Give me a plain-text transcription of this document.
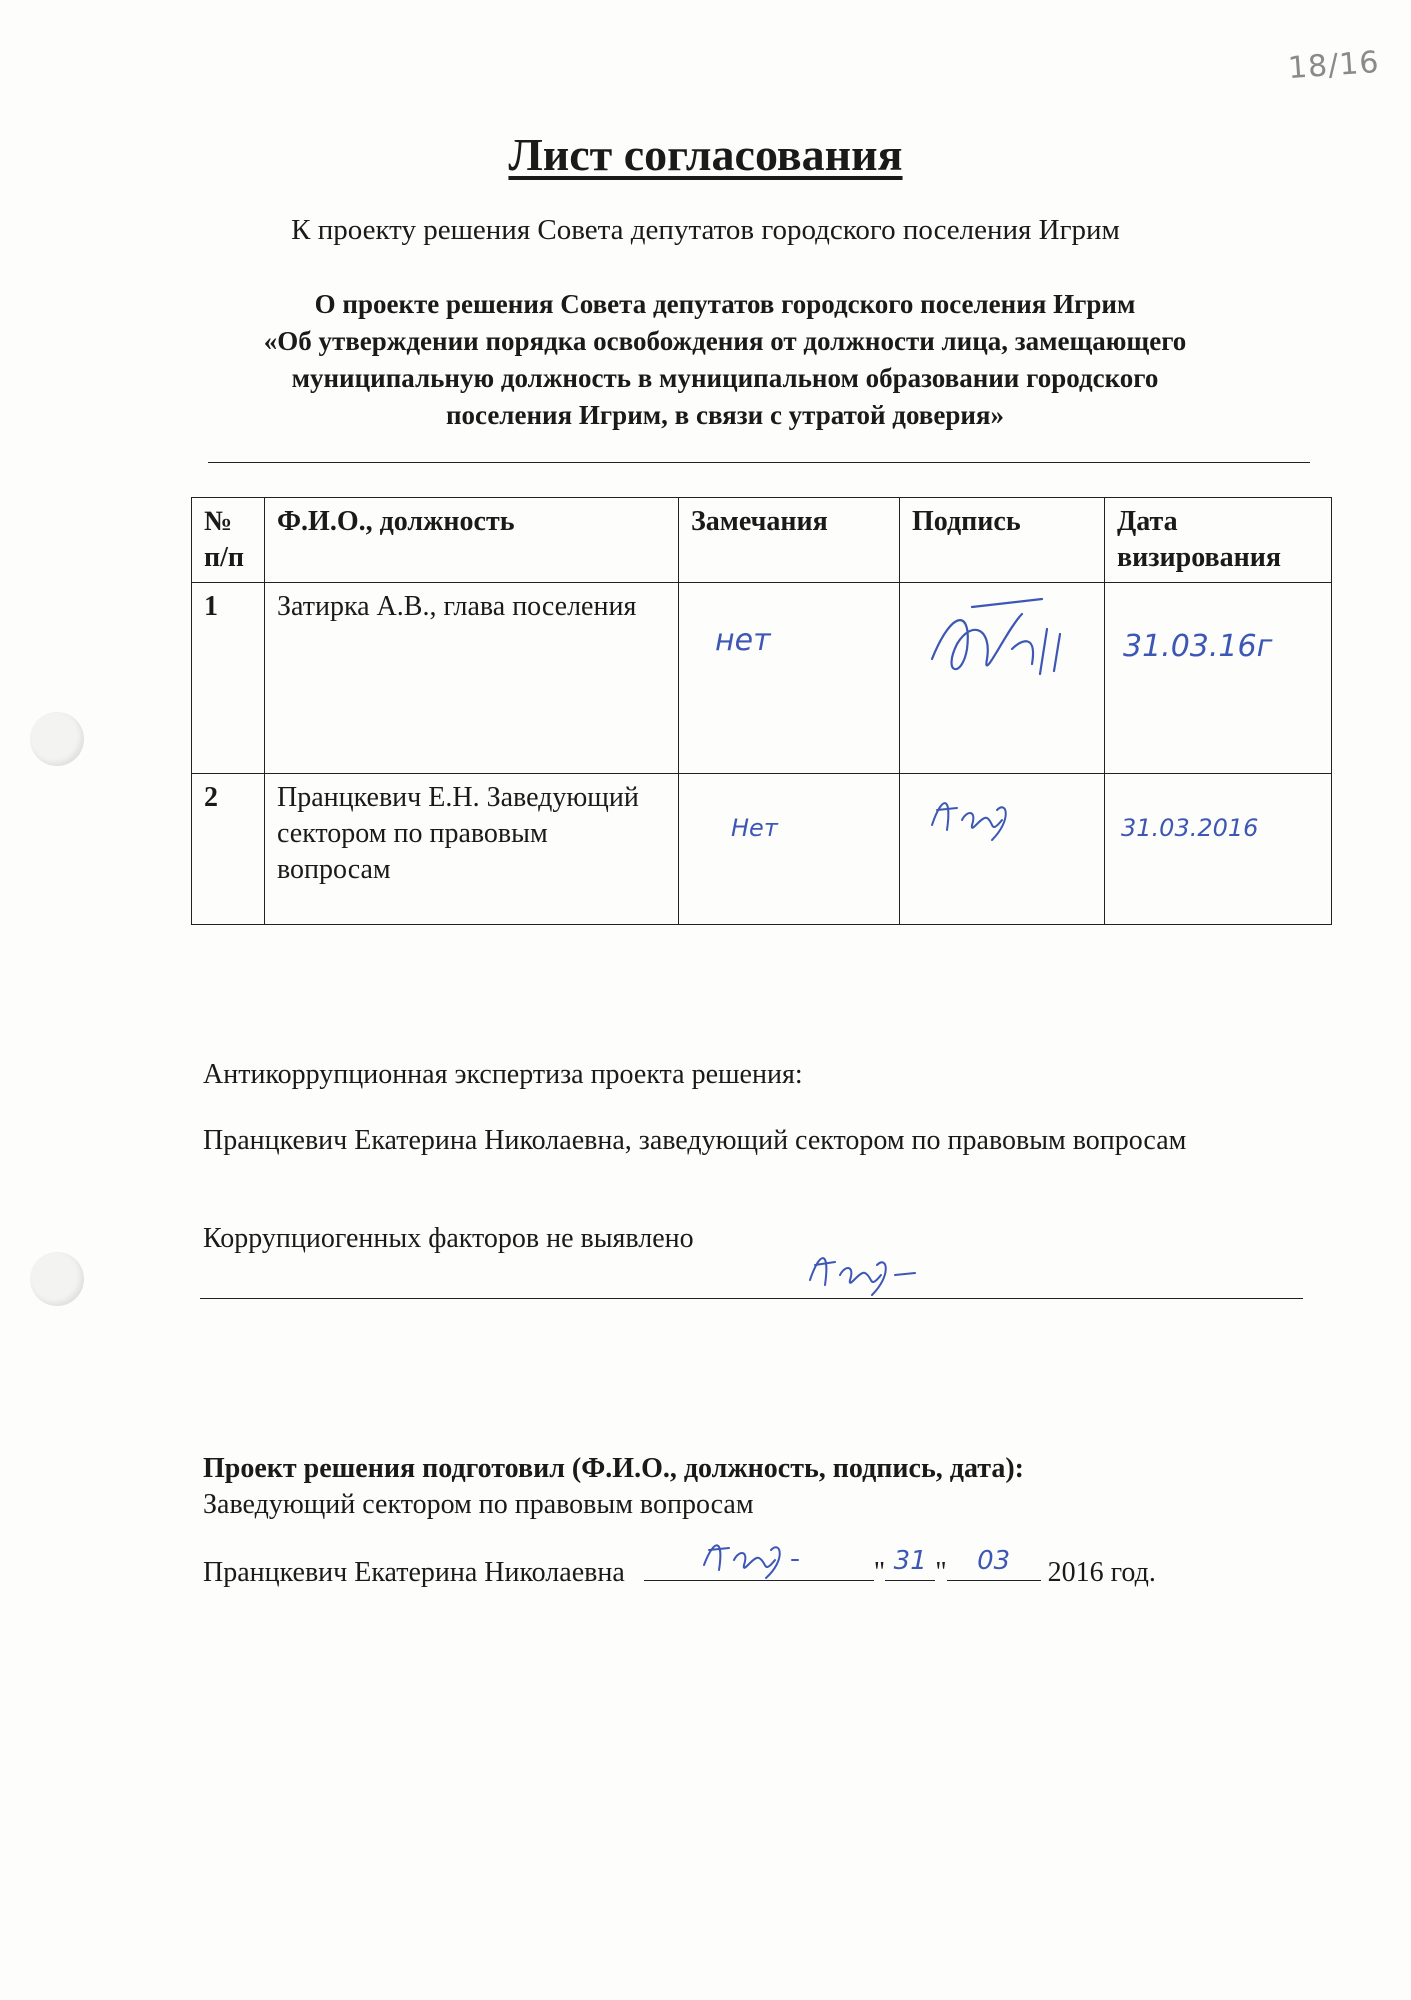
18/16
Лист согласования
К проекту решения Совета депутатов городского поселения Игрим
О проекте решения Совета депутатов городского поселения Игрим
«Об утверждении порядка освобождения от должности лица, замещающего
муниципальную должность в муниципальном образовании городского
поселения Игрим, в связи с утратой доверия»
№ п/п	Ф.И.О., должность	Замечания	Подпись	Дата визирования
1	Затирка А.В., глава поселения	нет		31.03.16г

2	Пранцкевич Е.Н. Заведующий сектором по правовым вопросам	Нет		31.03.2016
Антикоррупционная экспертиза проекта решения:
Пранцкевич Екатерина Николаевна, заведующий сектором по правовым вопросам
Коррупциогенных факторов не выявлено
Проект решения подготовил (Ф.И.О., должность, подпись, дата):
Заведующий сектором по правовым вопросам
Пранцкевич Екатерина Николаевна	" 31 "	03	2016 год.
